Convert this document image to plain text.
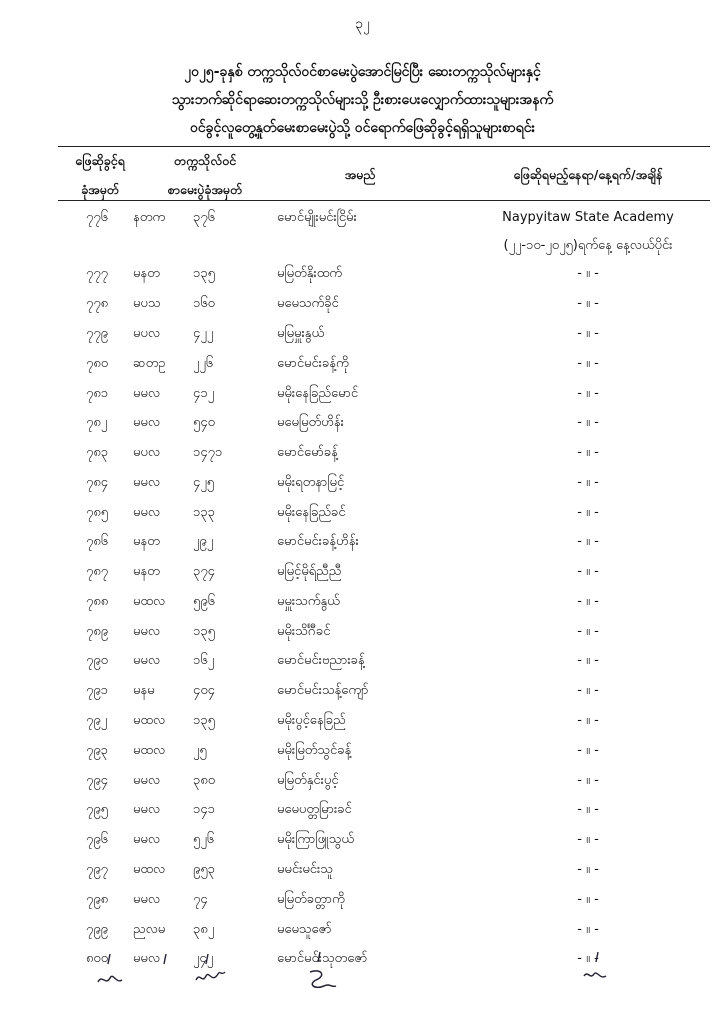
၃၂
၂၀၂၅-ခုနှစ် တက္ကသိုလ်ဝင်စာမေးပွဲအောင်မြင်ပြီး ဆေးတက္ကသိုလ်များနှင့်
သွားဘက်ဆိုင်ရာဆေးတက္ကသိုလ်များသို့ ဦးစားပေးလျှောက်ထားသူများအနက်
ဝင်ခွင့်လူတွေ့နှုတ်မေးစာမေးပွဲသို့ ဝင်ရောက်ဖြေဆိုခွင့်ရရှိသူများစာရင်း
ဖြေဆိုခွင့်ရ
ခုံအမှတ်
တက္ကသိုလ်ဝင်
စာမေးပွဲခုံအမှတ်
အမည်	ဖြေဆိုရမည့်နေရာ/နေ့ရက်/အချိန်
၇၇၆ နတက ၃၇၆	မောင်မျိုးမင်းငြိမ်း	Naypyitaw State Academy
(၂၂-၁၀-၂၀၂၅)ရက်နေ့ နေ့လယ်ပိုင်း
၇၇၇ မနတ	၁၃၅	မမြတ်နိုးထက်	- ။ -
၇၇၈ မပသ	၁၆၀	မမေသက်ခိုင်	- ။ -
၇၇၉ မပလ	၄၂၂	မမြမှူးနွယ်	- ။ -
၇၈၀ ဆတဥ ၂၂၆	မောင်မင်းခန့်ကို	- ။ -
၇၈၁ မမလ	၄၁၂	မမိုးနေခြည်မောင်	- ။ -
၇၈၂ မမလ	၅၄၀	မမေမြတ်ဟိန်း	- ။ -
၇၈၃ မပလ	၁၄၇၁	မောင်မော်ခန့်	- ။ -
၇၈၄ မမလ	၄၂၅	မမိုးရတနာမြင့်	- ။ -
၇၈၅ မမလ	၁၃၃	မမိုးနေခြည်ခင်	- ။ -
၇၈၆ မနတ	၂၉၂	မောင်မင်းခန့်ဟိန်း	- ။ -
၇၈၇ မနတ	၃၇၄	မမြင့်မိုရ်ညီညီ	- ။ -
၇၈၈ မထလ ၅၉၆	မမှူးသက်နွယ်	- ။ -
၇၈၉ မမလ	၁၃၅	မမိုးသိင်္ဂီခင်	- ။ -
၇၉၀ မမလ	၁၆၂	မောင်မင်းဗညားခန့်	- ။ -
၇၉၁ မနမ	၄၀၄	မောင်မင်းသန့်ကျော်	- ။ -
၇၉၂ မထလ ၁၃၅	မမိုးပွင့်နေခြည်	- ။ -
၇၉၃ မထလ ၂၅	မမိုးမြတ်သွင်ခန့်	- ။ -
၇၉၄ မမလ	၃၈၀	မမြတ်နှင်းပွင့်	- ။ -
၇၉၅ မမလ	၁၄၁	မမေပတ္တမြားခင်	- ။ -
၇၉၆ မမလ	၅၂၆	မမိုးကြာဖြူသွယ်	- ။ -
၇၉၇ မထလ ၉၅၃	မမင်းမင်းသူ	- ။ -
၇၉၈ မမလ	၇၄	မမြတ်ခတ္တာကို	- ။ -
၇၉၉ ညလမ ၃၈၂	မမေသူဇော်	- ။ -
၈၀၀ မမလ	၂၄၂	မောင်မင်းသုတဇော်	- ။ -
